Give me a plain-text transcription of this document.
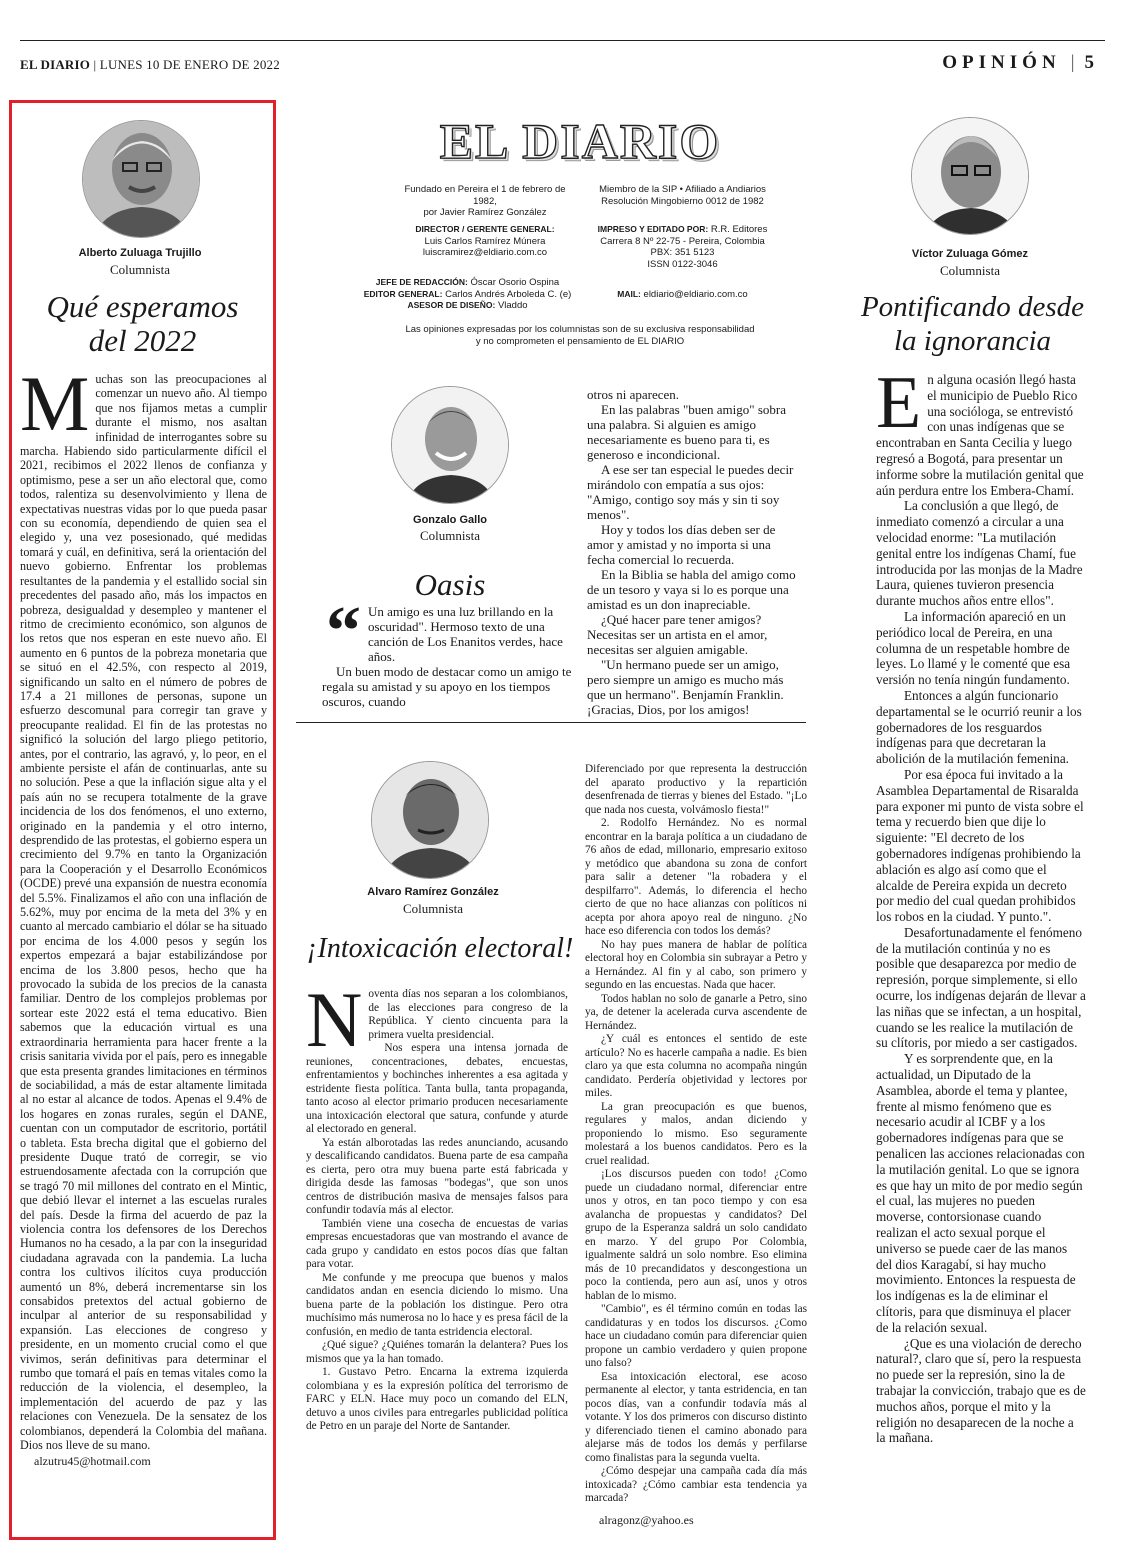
EL DIARIO | LUNES 10 DE ENERO DE 2022	OPINIÓN | 5
Alberto Zuluaga Trujillo
Columnista
Qué esperamos
del 2022
M uchas son las preocupaciones al comenzar un nuevo año. Al tiempo que nos fijamos metas a cumplir durante el mismo, nos asaltan infinidad de interrogantes sobre su marcha. Habiendo sido particularmente difícil el 2021, recibimos el 2022 llenos de confianza y optimismo, pese a ser un año electoral que, como todos, ralentiza su desenvolvimiento y llena de expectativas nuestras vidas por lo que pueda pasar con su economía, dependiendo de quien sea el elegido y, una vez posesionado, qué medidas tomará y cuál, en definitiva, será la orientación del nuevo gobierno. Enfrentar los problemas resultantes de la pandemia y el estallido social sin precedentes del pasado año, más los impactos en pobreza, desigualdad y desempleo y mantener el ritmo de crecimiento económico, son algunos de los retos que nos esperan en este nuevo año. El aumento en 6 puntos de la pobreza monetaria que se situó en el 42.5%, con respecto al 2019, significando un salto en el número de pobres de 17.4 a 21 millones de personas, supone un esfuerzo descomunal para corregir tan grave y preocupante realidad. El fin de las protestas no significó la solución del largo pliego petitorio, antes, por el contrario, las agravó, y, lo peor, en el ambiente persiste el afán de continuarlas, ante su no solución. Pese a que la inflación sigue alta y el país aún no se recupera totalmente de la grave incidencia de los dos fenómenos, el uno externo, originado en la pandemia y el otro interno, desprendido de las protestas, el gobierno espera un crecimiento del 9.7% en tanto la Organización para la Cooperación y el Desarrollo Económicos (OCDE) prevé una expansión de nuestra economía del 5.5%. Finalizamos el año con una inflación de 5.62%, muy por encima de la meta del 3% y en cuanto al mercado cambiario el dólar se ha situado por encima de los 4.000 pesos y según los expertos empezará a bajar estabilizándose por encima de los 3.800 pesos, hecho que ha provocado la subida de los precios de la canasta familiar. Dentro de los complejos problemas por sortear este 2022 está el tema educativo. Bien sabemos que la educación virtual es una extraordinaria herramienta para hacer frente a la crisis sanitaria vivida por el país, pero es innegable que esta presenta grandes limitaciones en términos de sociabilidad, a más de estar altamente limitada al no estar al alcance de todos. Apenas el 9.4% de los hogares en zonas rurales, según el DANE, cuentan con un computador de escritorio, portátil o tableta. Esta brecha digital que el gobierno del presidente Duque trató de corregir, se vio estruendosamente afectada con la corrupción que se tragó 70 mil millones del contrato en el Mintic, que debió llevar el internet a las escuelas rurales del país. Desde la firma del acuerdo de paz la violencia contra los defensores de los Derechos Humanos no ha cesado, a la par con la inseguridad ciudadana agravada con la pandemia. La lucha contra los cultivos ilícitos cuya producción aumentó un 8%, deberá incrementarse sin los consabidos pretextos del actual gobierno de inculpar al anterior de su responsabilidad y expansión. Las elecciones de congreso y presidente, en un momento crucial como el que vivimos, serán definitivas para determinar el rumbo que tomará el país en temas vitales como la reducción de la violencia, el desempleo, la implementación del acuerdo de paz y las relaciones con Venezuela. De la sensatez de los colombianos, dependerá la Colombia del mañana. Dios nos lleve de su mano.

alzutru45@hotmail.com
EL DIARIO
Fundado en Pereira el 1 de febrero de 1982,
por Javier Ramírez González
Miembro de la SIP • Afiliado a Andiarios
Resolución Mingobierno 0012 de 1982
DIRECTOR / GERENTE GENERAL:
Luis Carlos Ramírez Múnera
luiscramirez@eldiario.com.co
IMPRESO Y EDITADO POR: R.R. Editores
Carrera 8 Nº 22-75 - Pereira, Colombia
PBX: 351 5123
ISSN 0122-3046
JEFE DE REDACCIÓN: Óscar Osorio Ospina
EDITOR GENERAL: Carlos Andrés Arboleda C. (e)
ASESOR DE DISEÑO: Vladdo
MAIL: eldiario@eldiario.com.co
Las opiniones expresadas por los columnistas son de su exclusiva responsabilidad
y no comprometen el pensamiento de EL DIARIO
Gonzalo Gallo
Columnista
Oasis
“ Un amigo es una luz brillando en la oscuridad". Hermoso texto de una canción de Los Enanitos verdes, hace años.

Un buen modo de destacar como un amigo te regala su amistad y su apoyo en los tiempos oscuros, cuando

otros ni aparecen.

En las palabras "buen amigo" sobra una palabra. Si alguien es amigo necesariamente es bueno para ti, es generoso e incondicional.

A ese ser tan especial le puedes decir mirándolo con empatía a sus ojos: "Amigo, contigo soy más y sin ti soy menos".

Hoy y todos los días deben ser de amor y amistad y no importa si una fecha comercial lo recuerda.

En la Biblia se habla del amigo como de un tesoro y vaya si lo es porque una amistad es un don inapreciable.

¿Qué hacer pare tener amigos? Necesitas ser un artista en el amor, necesitas ser alguien amigable.

"Un hermano puede ser un amigo, pero siempre un amigo es mucho más que un hermano". Benjamín Franklin. ¡Gracias, Dios, por los amigos!

Alvaro Ramírez González
Columnista
¡Intoxicación electoral!
N oventa días nos separan a los colombianos, de las elecciones para congreso de la República. Y ciento cincuenta para la primera vuelta presidencial.

Nos espera una intensa jornada de reuniones, concentraciones, debates, encuestas, enfrentamientos y bochinches inherentes a esa agitada y estridente fiesta política. Tanta bulla, tanta propaganda, tanto acoso al elector primario producen necesariamente una intoxicación electoral que satura, confunde y aturde al electorado en general.

Ya están alborotadas las redes anunciando, acusando y descalificando candidatos. Buena parte de esa campaña es cierta, pero otra muy buena parte está fabricada y dirigida desde las famosas "bodegas", que son unos centros de distribución masiva de mensajes falsos para confundir todavía más al elector.

También viene una cosecha de encuestas de varias empresas encuestadoras que van mostrando el avance de cada grupo y candidato en estos pocos días que faltan para votar.

Me confunde y me preocupa que buenos y malos candidatos andan en esencia diciendo lo mismo. Una buena parte de la población los distingue. Pero otra muchísimo más numerosa no lo hace y es presa fácil de la confusión, en medio de tanta estridencia electoral.

¿Qué sigue? ¿Quiénes tomarán la delantera? Pues los mismos que ya la han tomado.

1. Gustavo Petro. Encarna la extrema izquierda colombiana y es la expresión política del terrorismo de FARC y ELN. Hace muy poco un comando del ELN, detuvo a unos civiles para entregarles publicidad política de Petro en un paraje del Norte de Santander.

Diferenciado por que representa la destrucción del aparato productivo y la repartición desenfrenada de tierras y bienes del Estado. "¡Lo que nada nos cuesta, volvámoslo fiesta!"

2. Rodolfo Hernández. No es normal encontrar en la baraja política a un ciudadano de 76 años de edad, millonario, empresario exitoso y metódico que abandona su zona de confort para salir a detener "la robadera y el despilfarro". Además, lo diferencia el hecho cierto de que no hace alianzas con políticos ni acepta por ahora apoyo real de ninguno. ¿No hace eso diferencia con todos los demás?

No hay pues manera de hablar de política electoral hoy en Colombia sin subrayar a Petro y a Hernández. Al fin y al cabo, son primero y segundo en las encuestas. Nada que hacer.

Todos hablan no solo de ganarle a Petro, sino ya, de detener la acelerada curva ascendente de Hernández.

¿Y cuál es entonces el sentido de este artículo? No es hacerle campaña a nadie. Es bien claro ya que esta columna no acompaña ningún candidato. Perdería objetividad y lectores por miles.

La gran preocupación es que buenos, regulares y malos, andan diciendo y proponiendo lo mismo. Eso seguramente molestará a los buenos candidatos. Pero es la cruel realidad.

¡Los discursos pueden con todo! ¿Como puede un ciudadano normal, diferenciar entre unos y otros, en tan poco tiempo y con esa avalancha de propuestas y candidatos? Del grupo de la Esperanza saldrá un solo candidato en marzo. Y del grupo Por Colombia, igualmente saldrá un solo nombre. Eso elimina más de 10 precandidatos y descongestiona un poco la contienda, pero aun así, unos y otros hablan de lo mismo.

"Cambio", es él término común en todas las candidaturas y en todos los discursos. ¿Como hace un ciudadano común para diferenciar quien propone un cambio verdadero y quien propone uno falso?

Esa intoxicación electoral, ese acoso permanente al elector, y tanta estridencia, en tan pocos días, van a confundir todavía más al votante. Y los dos primeros con discurso distinto y diferenciado tienen el camino abonado para alejarse más de todos los demás y perfilarse como finalistas para la segunda vuelta.

¿Cómo despejar una campaña cada día más intoxicada? ¿Cómo cambiar esta tendencia ya marcada?

alragonz@yahoo.es
Víctor Zuluaga Gómez
Columnista
Pontificando desde
la ignorancia
E n alguna ocasión llegó hasta el municipio de Pueblo Rico una socióloga, se entrevistó con unas indígenas que se encontraban en Santa Cecilia y luego regresó a Bogotá, para presentar un informe sobre la mutilación genital que aún perdura entre los Embera-Chamí.

La conclusión a que llegó, de inmediato comenzó a circular a una velocidad enorme: "La mutilación genital entre los indígenas Chamí, fue introducida por las monjas de la Madre Laura, quienes tuvieron presencia durante muchos años entre ellos".

La información apareció en un periódico local de Pereira, en una columna de un respetable hombre de leyes. Lo llamé y le comenté que esa versión no tenía ningún fundamento.

Entonces a algún funcionario departamental se le ocurrió reunir a los gobernadores de los resguardos indígenas para que decretaran la abolición de la mutilación femenina.

Por esa época fui invitado a la Asamblea Departamental de Risaralda para exponer mi punto de vista sobre el tema y recuerdo bien que dije lo siguiente: "El decreto de los gobernadores indígenas prohibiendo la ablación es algo así como que el alcalde de Pereira expida un decreto por medio del cual quedan prohibidos los robos en la ciudad. Y punto.".

Desafortunadamente el fenómeno de la mutilación continúa y no es posible que desaparezca por medio de represión, porque simplemente, si ello ocurre, los indígenas dejarán de llevar a las niñas que se infectan, a un hospital, cuando se les realice la mutilación de su clítoris, por miedo a ser castigados.

Y es sorprendente que, en la actualidad, un Diputado de la Asamblea, aborde el tema y plantee, frente al mismo fenómeno que es necesario acudir al ICBF y a los gobernadores indígenas para que se penalicen las acciones relacionadas con la mutilación genital. Lo que se ignora es que hay un mito de por medio según el cual, las mujeres no pueden moverse, contorsionase cuando realizan el acto sexual porque el universo se puede caer de las manos del dios Karagabí, si hay mucho movimiento. Entonces la respuesta de los indígenas es la de eliminar el clítoris, para que disminuya el placer de la relación sexual.

¿Que es una violación de derecho natural?, claro que sí, pero la respuesta no puede ser la represión, sino la de trabajar la convicción, trabajo que es de muchos años, porque el mito y la religión no desaparecen de la noche a la mañana.
